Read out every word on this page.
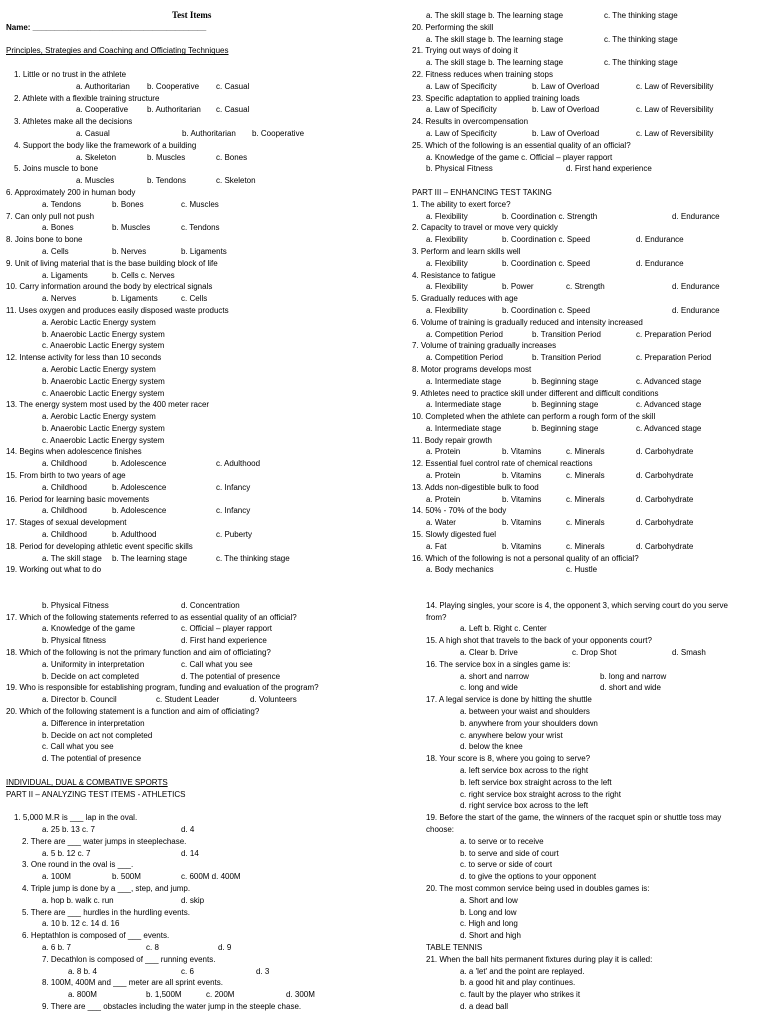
Test Items
Name: _______________________________________
Principles, Strategies and Coaching and Officiating Techniques
1. Little or no trust in the athlete
a. Authoritarian b. Cooperative c. Casual
2. Athlete with a flexible training structure
a. Cooperative b. Authoritarian c. Casual
3. Athletes make all the decisions
a. Casual	b. Authoritarian b. Cooperative
4. Support the body like the framework of a building
a. Skeleton	b. Muscles	c. Bones
5. Joins muscle to bone
a. Muscles	b. Tendons	c. Skeleton
6. Approximately 200 in human body
a. Tendons	b. Bones	c. Muscles
7. Can only pull not push
a. Bones	b. Muscles	c. Tendons
8. Joins bone to bone
a. Cells	b. Nerves	b. Ligaments
9. Unit of living material that is the base building block of life
a. Ligaments	b. Cells c. Nerves
10. Carry information around the body by electrical signals
a. Nerves	b. Ligaments	c. Cells
11. Uses oxygen and produces easily disposed waste products
a. Aerobic Lactic Energy system
b. Anaerobic Lactic Energy system
c. Anaerobic Lactic Energy system
12. Intense activity for less than 10 seconds
a. Aerobic Lactic Energy system
b. Anaerobic Lactic Energy system
c. Anaerobic Lactic Energy system
13. The energy system most used by the 400 meter racer
a. Aerobic Lactic Energy system
b. Anaerobic Lactic Energy system
c. Anaerobic Lactic Energy system
14. Begins when adolescence finishes
a. Childhood	b. Adolescence	c. Adulthood
15. From birth to two years of age
a. Childhood	b. Adolescence	c. Infancy
16. Period for learning basic movements
a. Childhood	b. Adolescence	c. Infancy
17. Stages of sexual development
a. Childhood	b. Adulthood	c. Puberty
18. Period for developing athletic event specific skills
a. The skill stage b. The learning stage	c. The thinking stage
19. Working out what to do
b. Physical Fitness	d. Concentration
17. Which of the following statements referred to as essential quality of an official?
a. Knowledge of the game	c. Official – player rapport
b. Physical fitness	d. First hand experience
18. Which of the following is not the primary function and aim of officiating?
a. Uniformity in interpretation	c. Call what you see
b. Decide on act completed	d. The potential of presence
19. Who is responsible for establishing program, funding and evaluation of the program?
a. Director b. Council	c. Student Leader	d. Volunteers
20. Which of the following statement is a function and aim of officiating?
a. Difference in interpretation
b. Decide on act not completed
c. Call what you see
d. The potential of presence
INDIVIDUAL, DUAL & COMBATIVE SPORTS
PART II – ANALYZING TEST ITEMS - ATHLETICS
1. 5,000 M.R is ___ lap in the oval.
a. 25 b. 13 c. 7	d. 4
2. There are ___ water jumps in steeplechase.
a. 5 b. 12 c. 7	d. 14
3. One round in the oval is ___.
a. 100M	b. 500M	c. 600M d. 400M
4. Triple jump is done by a ___, step, and jump.
a. hop b. walk c. run	d. skip
5. There are ___ hurdles in the hurdling events.
a. 10 b. 12 c. 14 d. 16
6. Heptathlon is composed of ___ events.
a. 6 b. 7	c. 8	d. 9
7. Decathlon is composed of ___ running events.
a. 8 b. 4	c. 6	d. 3
8. 100M, 400M and ___ meter are all sprint events.
a. 800M	b. 1,500M	c. 200M	d. 300M
9. There are ___ obstacles including the water jump in the steeple chase.
a. The skill stage b. The learning stage	c. The thinking stage
20. Performing the skill
a. The skill stage b. The learning stage	c. The thinking stage
21. Trying out ways of doing it
a. The skill stage b. The learning stage	c. The thinking stage
22. Fitness reduces when training stops
a. Law of Specificity	b. Law of Overload	c. Law of Reversibility
23. Specific adaptation to applied training loads
a. Law of Specificity	b. Law of Overload	c. Law of Reversibility
24. Results in overcompensation
a. Law of Specificity	b. Law of Overload	c. Law of Reversibility
25. Which of the following is an essential quality of an official?
a. Knowledge of the game c. Official – player rapport
b. Physical Fitness	d. First hand experience
PART III – ENHANCING TEST TAKING
1. The ability to exert force?
a. Flexibility	b. Coordination c. Strength	d. Endurance
2. Capacity to travel or move very quickly
a. Flexibility	b. Coordination c. Speed	d. Endurance
3. Perform and learn skills well
a. Flexibility	b. Coordination c. Speed	d. Endurance
4. Resistance to fatigue
a. Flexibility	b. Power	c. Strength	d. Endurance
5. Gradually reduces with age
a. Flexibility	b. Coordination c. Speed	d. Endurance
6. Volume of training is gradually reduced and intensity increased
a. Competition Period	b. Transition Period	c. Preparation Period
7. Volume of training gradually increases
a. Competition Period	b. Transition Period	c. Preparation Period
8. Motor programs develops most
a. Intermediate stage	b. Beginning stage	c. Advanced stage
9. Athletes need to practice skill under different and difficult conditions
a. Intermediate stage	b. Beginning stage	c. Advanced stage
10. Completed when the athlete can perform a rough form of the skill
a. Intermediate stage	b. Beginning stage	c. Advanced stage
11. Body repair growth
a. Protein	b. Vitamins	c. Minerals	d. Carbohydrate
12. Essential fuel control rate of chemical reactions
a. Protein	b. Vitamins	c. Minerals	d. Carbohydrate
13. Adds non-digestible bulk to food
a. Protein	b. Vitamins	c. Minerals	d. Carbohydrate
14. 50% - 70% of the body
a. Water	b. Vitamins	c. Minerals	d. Carbohydrate
15. Slowly digested fuel
a. Fat	b. Vitamins	c. Minerals	d. Carbohydrate
16. Which of the following is not a personal quality of an official?
a. Body mechanics	c. Hustle
14. Playing singles, your score is 4, the opponent 3, which serving court do you serve
from?
a. Left b. Right c. Center
15. A high shot that travels to the back of your opponents court?
a. Clear b. Drive	c. Drop Shot	d. Smash
16. The service box in a singles game is:
a. short and narrow	b. long and narrow
c. long and wide	d. short and wide
17. A legal service is done by hitting the shuttle
a. between your waist and shoulders
b. anywhere from your shoulders down
c. anywhere below your wrist
d. below the knee
18. Your score is 8, where you going to serve?
a. left service box across to the right
b. left service box straight across to the left
c. right service box straight across to the right
d. right service box across to the left
19. Before the start of the game, the winners of the racquet spin or shuttle toss may
choose:
a. to serve or to receive
b. to serve and side of court
c. to serve or side of court
d. to give the options to your opponent
20. The most common service being used in doubles games is:
a. Short and low
b. Long and low
c. High and long
d. Short and high
TABLE TENNIS
21. When the ball hits permanent fixtures during play it is called:
a. a 'let' and the point are replayed.
b. a good hit and play continues.
c. fault by the player who strikes it
d. a dead ball
